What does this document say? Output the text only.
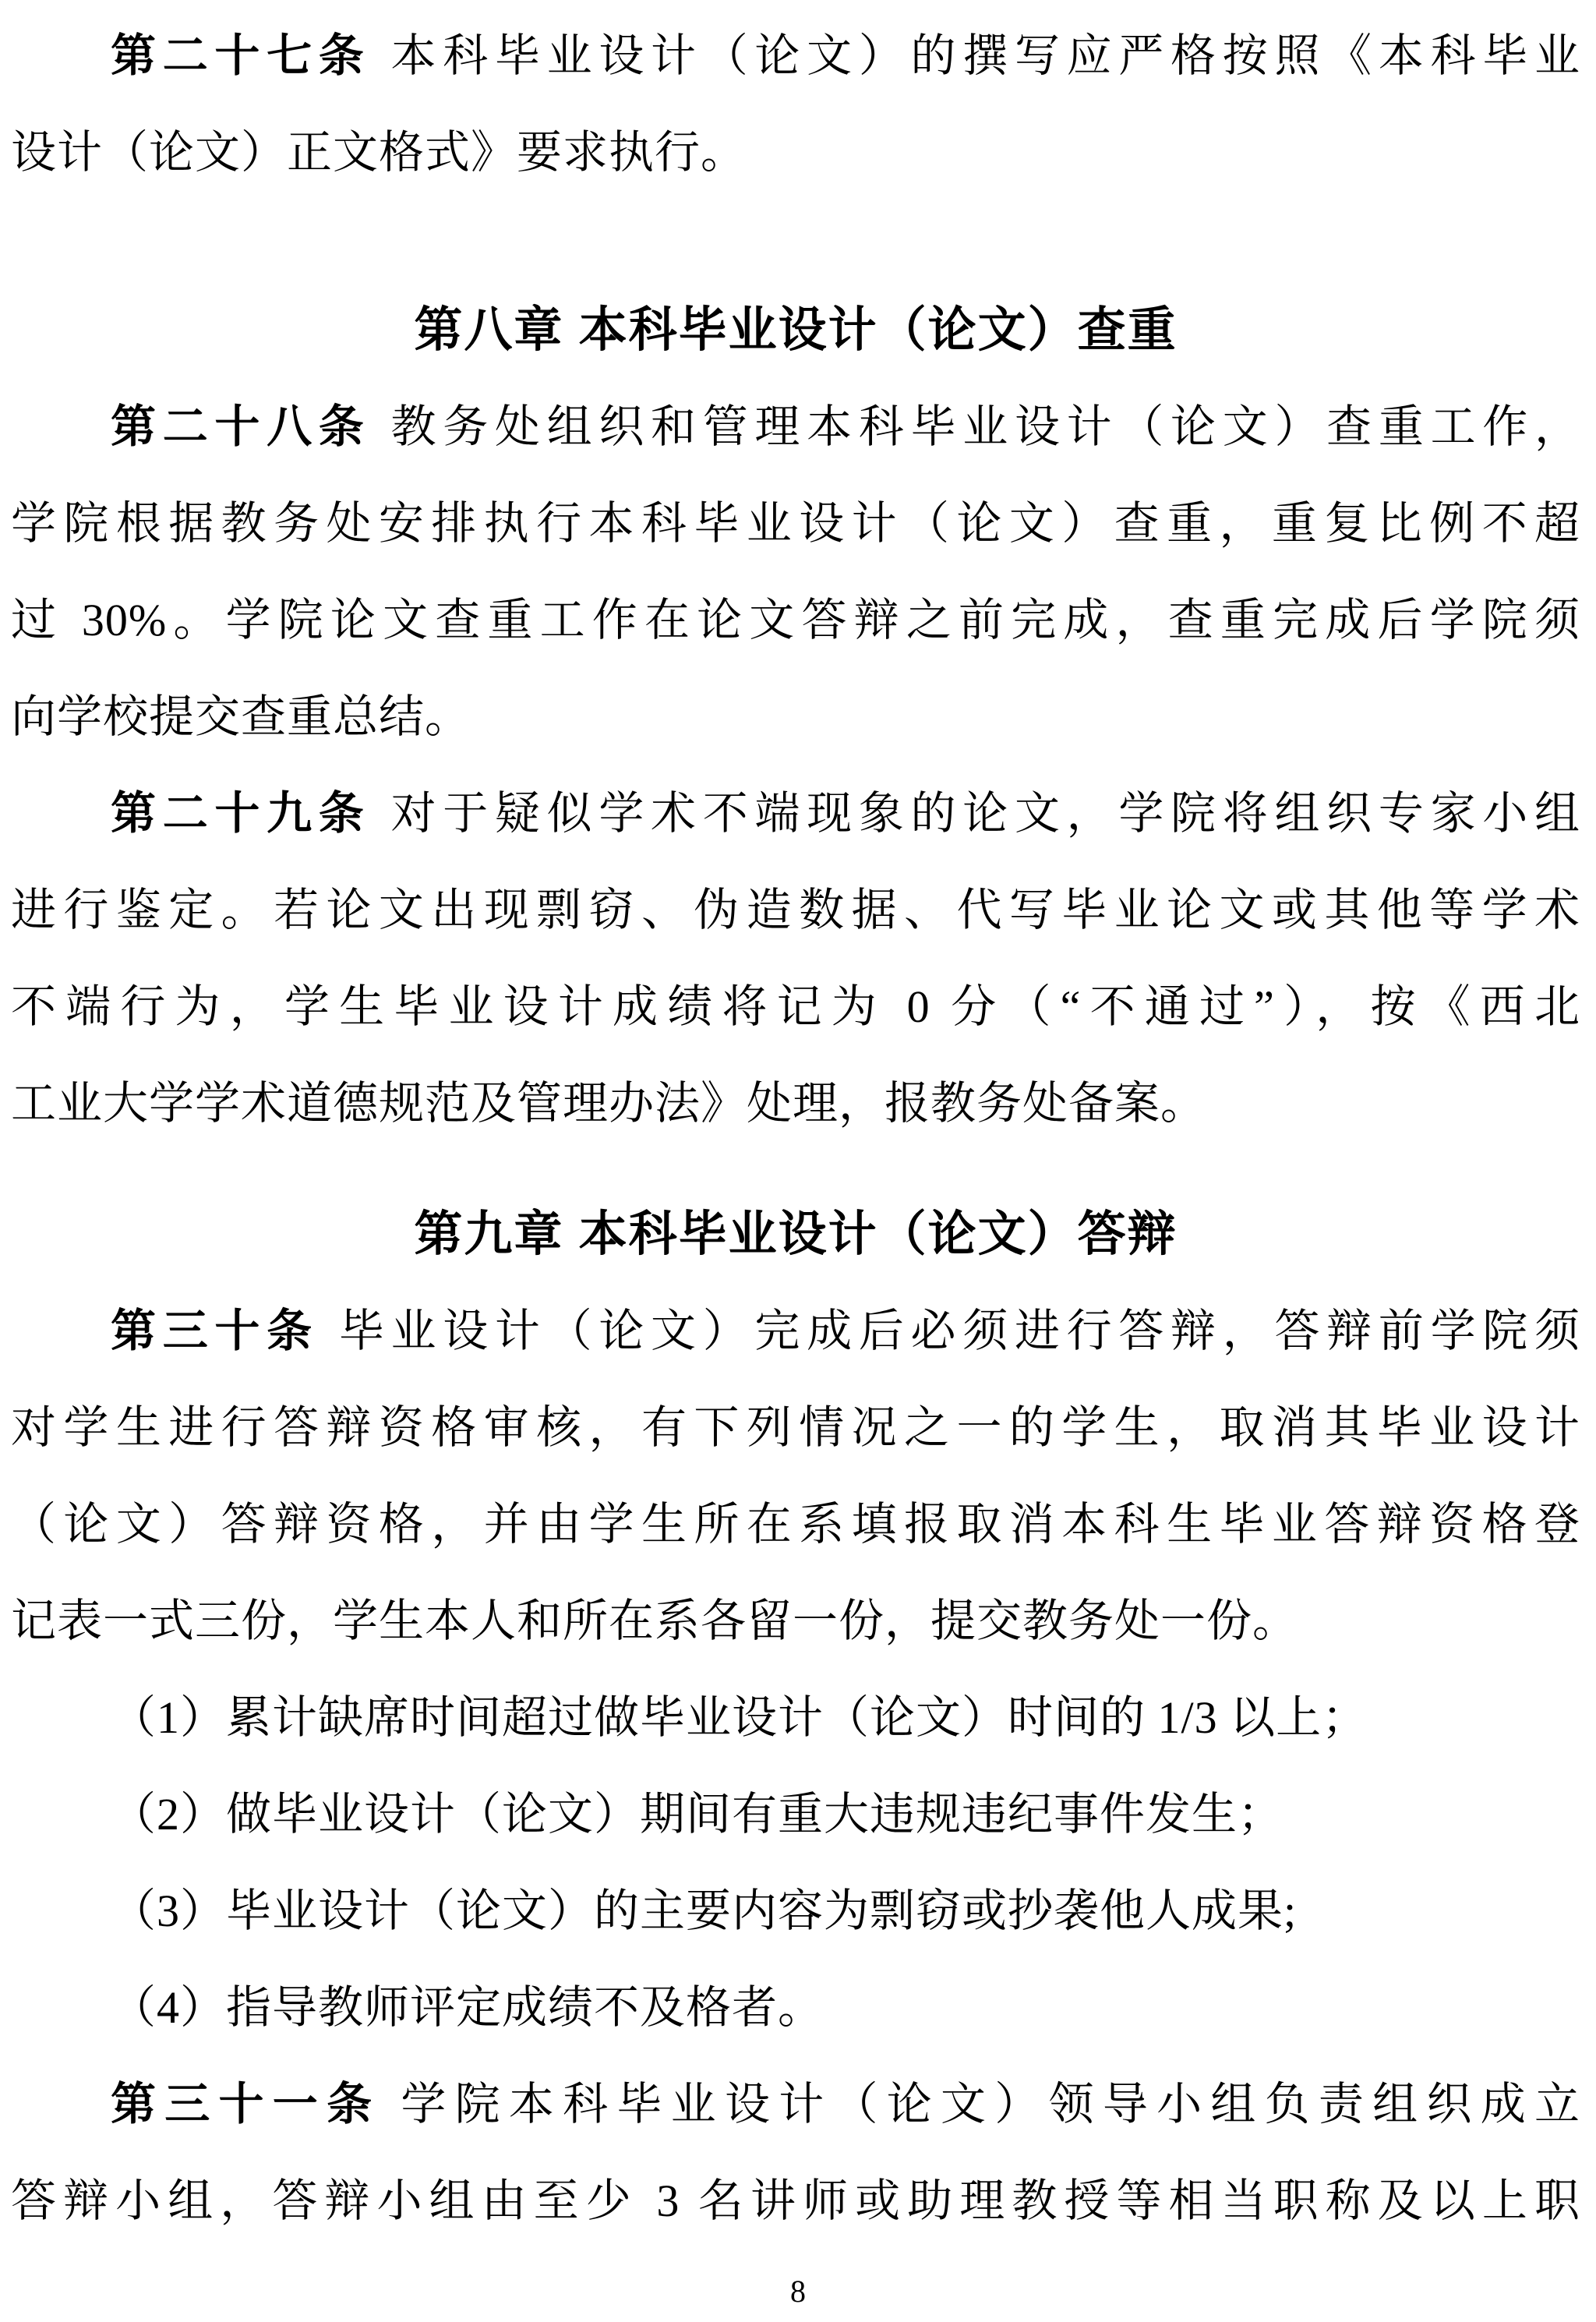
第二十七条 本科毕业设计（论文）的撰写应严格按照《本科毕业

设计（论文）正文格式》要求执行。

第八章 本科毕业设计（论文）查重

第二十八条 教务处组织和管理本科毕业设计（论文）查重工作，

学院根据教务处安排执行本科毕业设计（论文）查重，重复比例不超

过 30%。学院论文查重工作在论文答辩之前完成，查重完成后学院须

向学校提交查重总结。

第二十九条 对于疑似学术不端现象的论文，学院将组织专家小组

进行鉴定。若论文出现剽窃、伪造数据、代写毕业论文或其他等学术

不端行为，学生毕业设计成绩将记为 0 分（“不通过”），按《西北

工业大学学术道德规范及管理办法》处理，报教务处备案。

第九章 本科毕业设计（论文）答辩

第三十条 毕业设计（论文）完成后必须进行答辩，答辩前学院须

对学生进行答辩资格审核，有下列情况之一的学生，取消其毕业设计

（论文）答辩资格，并由学生所在系填报取消本科生毕业答辩资格登

记表一式三份，学生本人和所在系各留一份，提交教务处一份。

（1）累计缺席时间超过做毕业设计（论文）时间的 1/3 以上；

（2）做毕业设计（论文）期间有重大违规违纪事件发生；

（3）毕业设计（论文）的主要内容为剽窃或抄袭他人成果;

（4）指导教师评定成绩不及格者。

第三十一条 学院本科毕业设计（论文）领导小组负责组织成立

答辩小组，答辩小组由至少 3 名讲师或助理教授等相当职称及以上职

8
